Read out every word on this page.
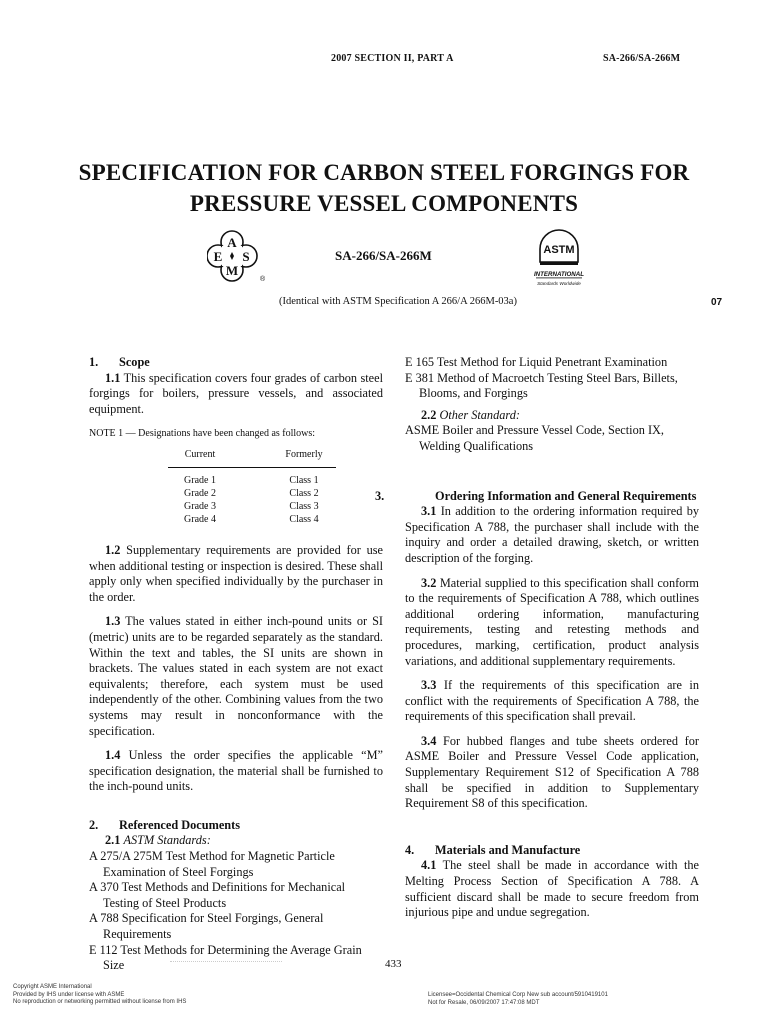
2007 SECTION II, PART A	SA-266/SA-266M
SPECIFICATION FOR CARBON STEEL FORGINGS FOR
PRESSURE VESSEL COMPONENTS
A
E S
M
®
SA-266/SA-266M	ASTM
INTERNATIONAL
Standards Worldwide
(Identical with ASTM Specification A 266/A 266M-03a)	07

1. Scope

1.1 This specification covers four grades of carbon steel forgings for boilers, pressure vessels, and associated equipment.

NOTE 1 — Designations have been changed as follows:

Current		Formerly
Grade 1		Class 1
Grade 2		Class 2
Grade 3		Class 3
Grade 4		Class 4

1.2 Supplementary requirements are provided for use when additional testing or inspection is desired. These shall apply only when specified individually by the purchaser in the order.

1.3 The values stated in either inch-pound units or SI (metric) units are to be regarded separately as the standard. Within the text and tables, the SI units are shown in brackets. The values stated in each system are not exact equivalents; therefore, each system must be used independently of the other. Combining values from the two systems may result in nonconformance with the specification.

1.4 Unless the order specifies the applicable “M” specification designation, the material shall be furnished to the inch-pound units.

2. Referenced Documents

2.1 ASTM Standards:

A 275/A 275M Test Method for Magnetic Particle Examination of Steel Forgings

A 370 Test Methods and Definitions for Mechanical Testing of Steel Products

A 788 Specification for Steel Forgings, General Requirements

E 112 Test Methods for Determining the Average Grain Size

E 165 Test Method for Liquid Penetrant Examination

E 381 Method of Macroetch Testing Steel Bars, Billets, Blooms, and Forgings

2.2 Other Standard:

ASME Boiler and Pressure Vessel Code, Section IX, Welding Qualifications

3.	Ordering Information and General Requirements

3.1 In addition to the ordering information required by Specification A 788, the purchaser shall include with the inquiry and order a detailed drawing, sketch, or written description of the forging.

3.2 Material supplied to this specification shall conform to the requirements of Specification A 788, which outlines additional ordering information, manufacturing requirements, testing and retesting methods and procedures, marking, certification, product analysis variations, and additional supplementary requirements.

3.3 If the requirements of this specification are in conflict with the requirements of Specification A 788, the requirements of this specification shall prevail.

3.4 For hubbed flanges and tube sheets ordered for ASME Boiler and Pressure Vessel Code application, Supplementary Requirement S12 of Specification A 788 shall be specified in addition to Supplementary Requirement S8 of this specification.

4. Materials and Manufacture

4.1 The steel shall be made in accordance with the Melting Process Section of Specification A 788. A sufficient discard shall be made to secure freedom from injurious pipe and undue segregation.

433
Copyright ASME International
Provided by IHS under license with ASME
No reproduction or networking permitted without license from IHS
Licensee=Occidental Chemical Corp New sub account/5910419101
Not for Resale, 06/09/2007 17:47:08 MDT
